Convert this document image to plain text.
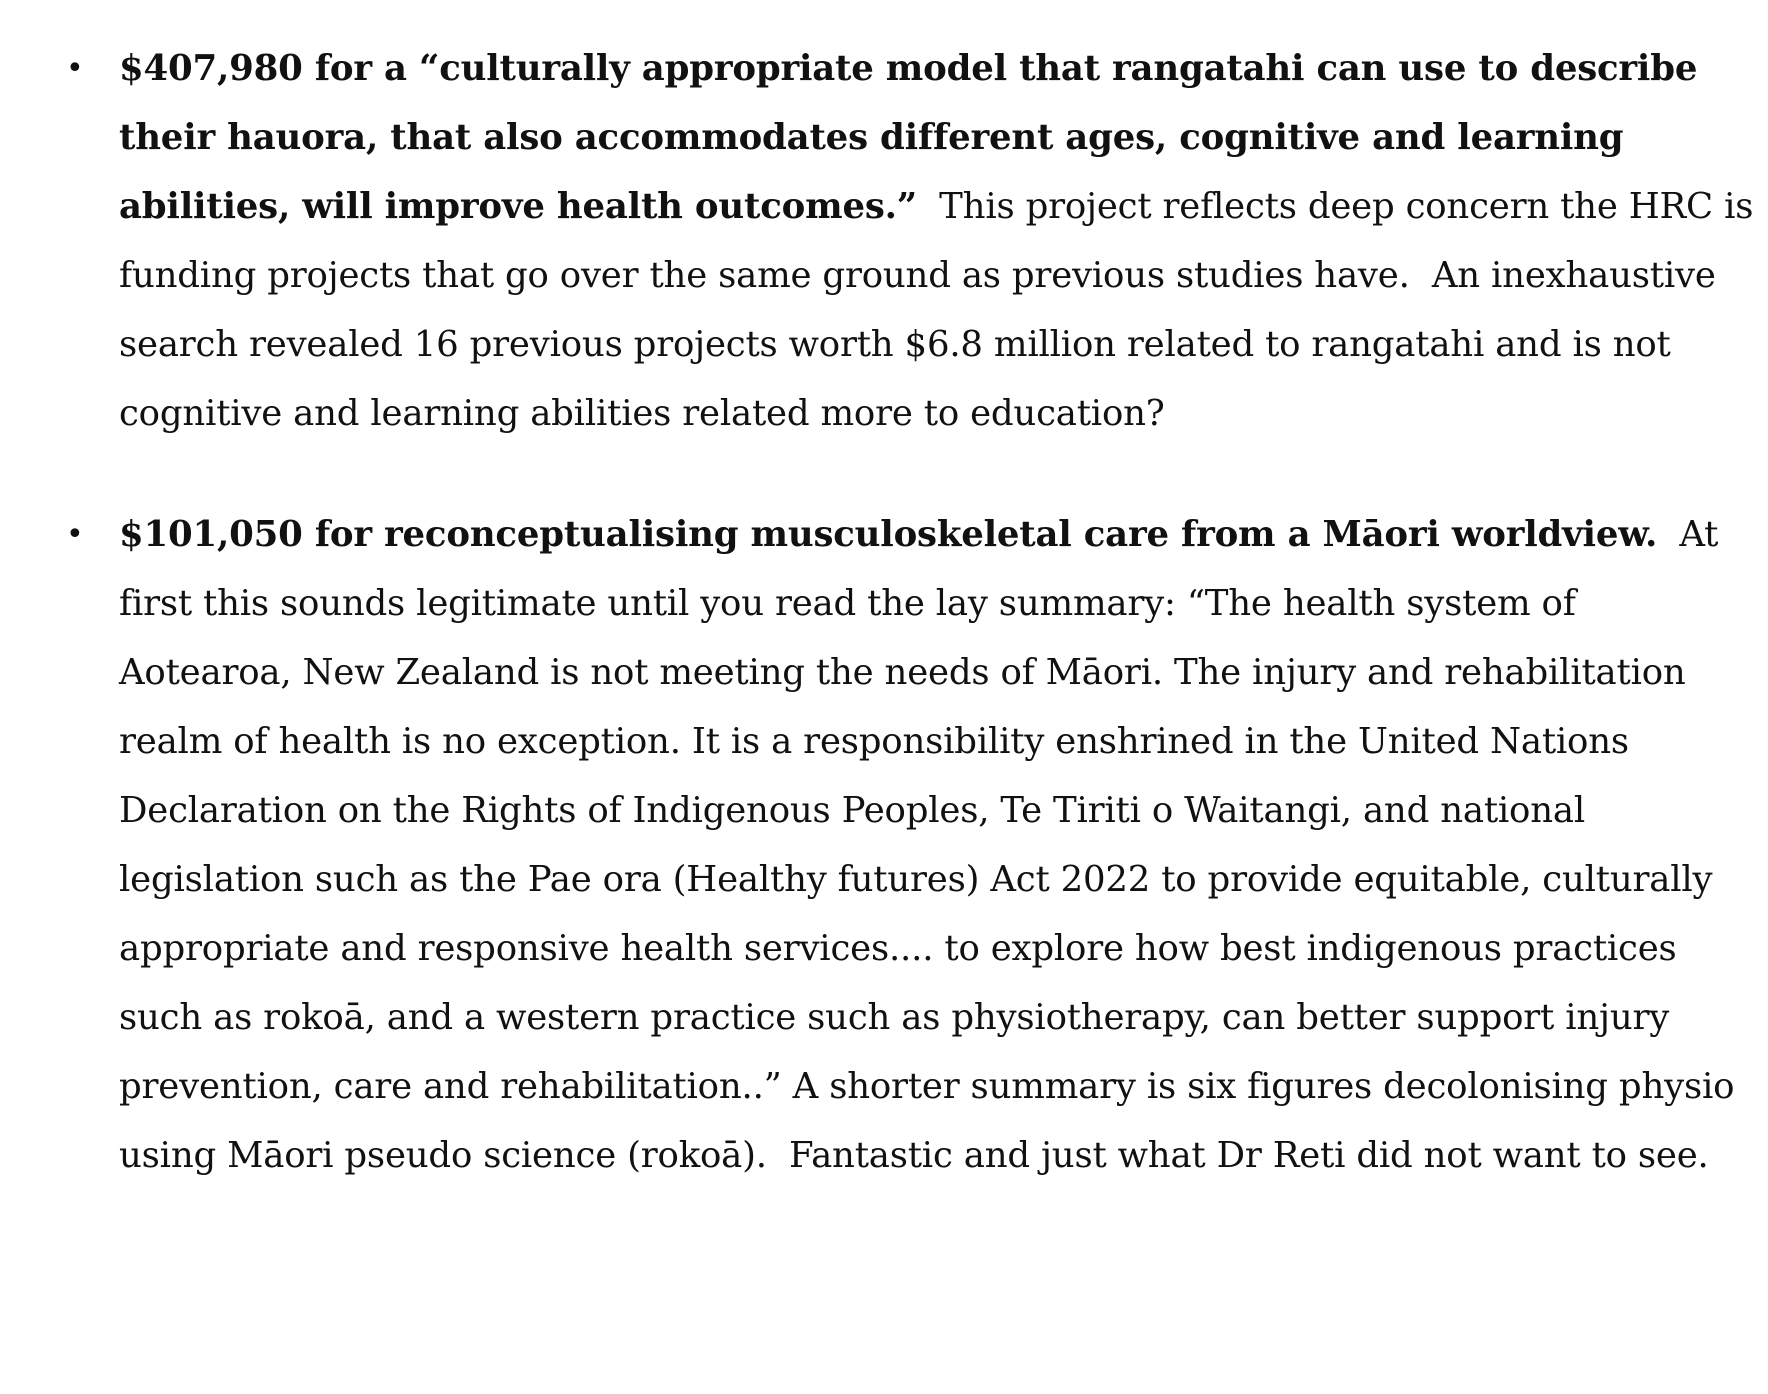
• $407,980 for a “culturally appropriate model that rangatahi can use to describe their hauora, that also accommodates different ages, cognitive and learning abilities, will improve health outcomes.”  This project reflects deep concern the HRC is funding projects that go over the same ground as previous studies have.  An inexhaustive search revealed 16 previous projects worth $6.8 million related to rangatahi and is not cognitive and learning abilities related more to education?
• $101,050 for reconceptualising musculoskeletal care from a Māori worldview.  At first this sounds legitimate until you read the lay summary: “The health system of Aotearoa, New Zealand is not meeting the needs of Māori. The injury and rehabilitation realm of health is no exception. It is a responsibility enshrined in the United Nations Declaration on the Rights of Indigenous Peoples, Te Tiriti o Waitangi, and national legislation such as the Pae ora (Healthy futures) Act 2022 to provide equitable, culturally appropriate and responsive health services.... to explore how best indigenous practices such as rokoā, and a western practice such as physiotherapy, can better support injury prevention, care and rehabilitation..” A shorter summary is six figures decolonising physio using Māori pseudo science (rokoā).  Fantastic and just what Dr Reti did not want to see.
